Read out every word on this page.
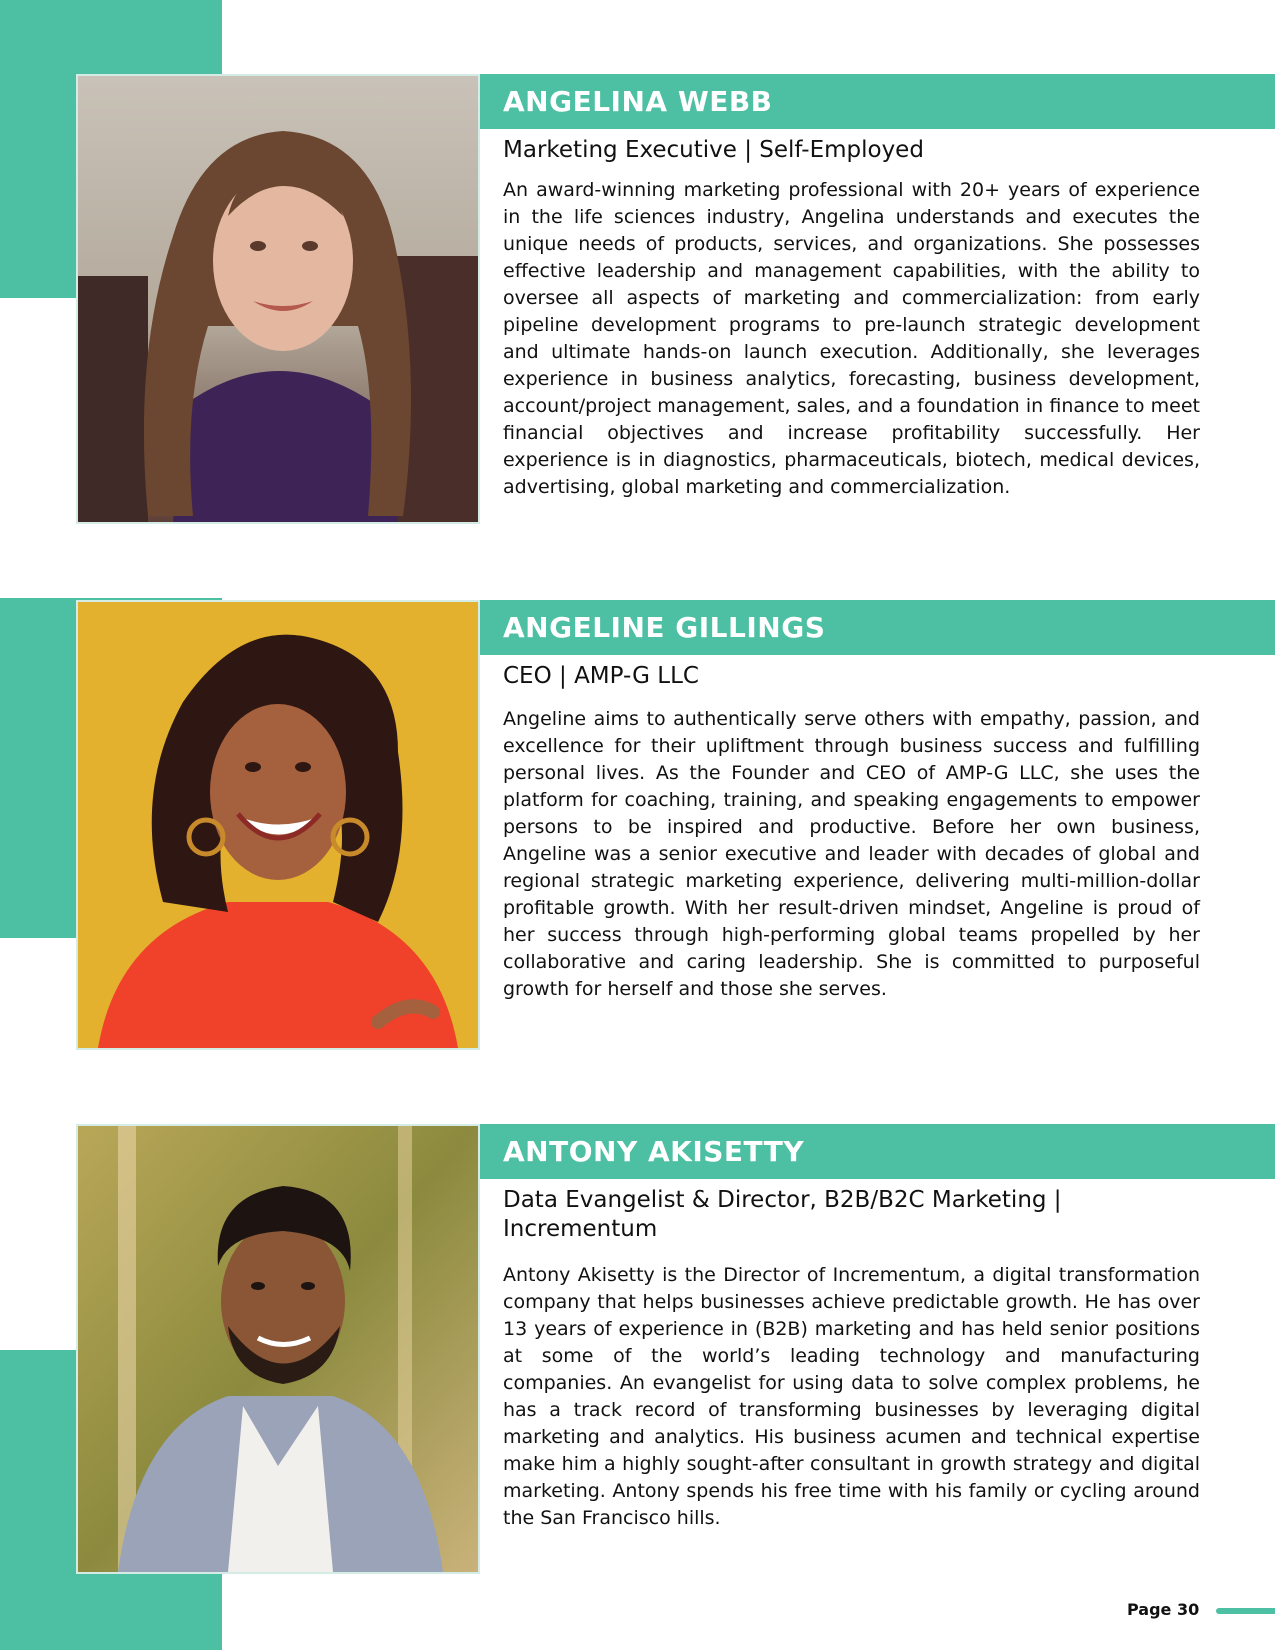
ANGELINA WEBB
Marketing Executive | Self-Employed

An award-winning marketing professional with 20+ years of experience in the life sciences industry, Angelina understands and executes the unique needs of products, services, and organizations. She possesses effective leadership and management capabilities, with the ability to oversee all aspects of marketing and commercialization: from early pipeline development programs to pre-launch strategic development and ultimate hands-on launch execution. Additionally, she leverages experience in business analytics, forecasting, business development, account/project management, sales, and a foundation in finance to meet financial objectives and increase profitability successfully. Her experience is in diagnostics, pharmaceuticals, biotech, medical devices, advertising, global marketing and commercialization.

ANGELINE GILLINGS
CEO | AMP-G LLC

Angeline aims to authentically serve others with empathy, passion, and excellence for their upliftment through business success and fulfilling personal lives. As the Founder and CEO of AMP-G LLC, she uses the platform for coaching, training, and speaking engagements to empower persons to be inspired and productive. Before her own business, Angeline was a senior executive and leader with decades of global and regional strategic marketing experience, delivering multi-million-dollar profitable growth. With her result-driven mindset, Angeline is proud of her success through high-performing global teams propelled by her collaborative and caring leadership. She is committed to purposeful growth for herself and those she serves.

ANTONY AKISETTY
Data Evangelist & Director, B2B/B2C Marketing | Incrementum

Antony Akisetty is the Director of Incrementum, a digital transformation company that helps businesses achieve predictable growth. He has over 13 years of experience in (B2B) marketing and has held senior positions at some of the world’s leading technology and manufacturing companies. An evangelist for using data to solve complex problems, he has a track record of transforming businesses by leveraging digital marketing and analytics. His business acumen and technical expertise make him a highly sought-after consultant in growth strategy and digital marketing. Antony spends his free time with his family or cycling around the San Francisco hills.

Page 30
